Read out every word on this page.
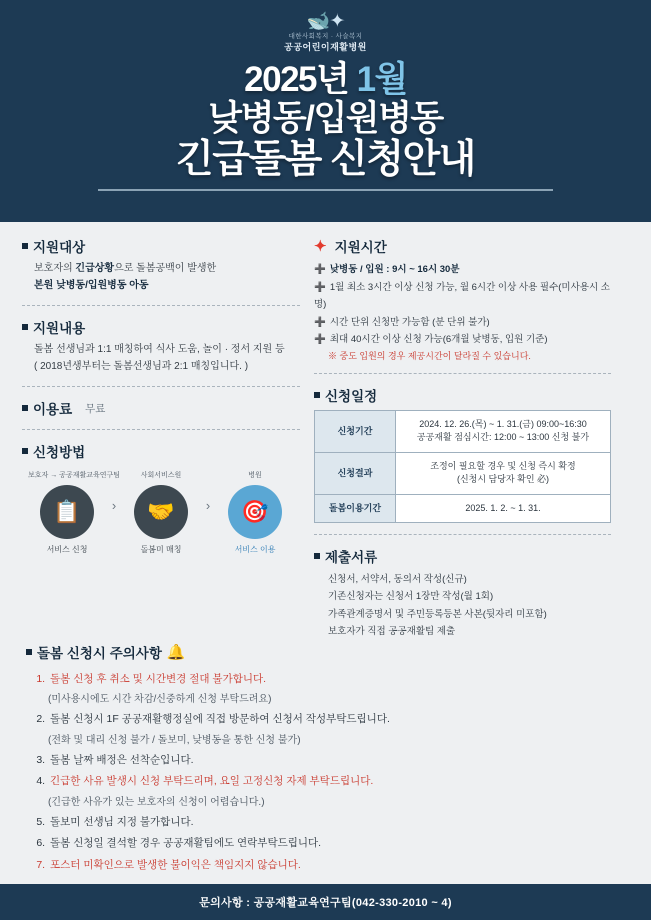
🐋✦
대한사회복지 · 사슬복지
공공어린이재활병원
2025년 1월
낮병동/입원병동
긴급돌봄 신청안내
지원대상
보호자의 긴급상황으로 돌봄공백이 발생한
본원 낮병동/입원병동 아동
지원내용
돌봄 선생님과 1:1 매칭하여 식사 도움, 놀이 · 정서 지원 등
( 2018년생부터는 돌봄선생님과 2:1 매칭입니다. )
이용료 무료
신청방법
보호자 → 공공재활교육연구팀
📋
서비스 신청
›
사회서비스원
🤝
돌봄미 매칭
›
병원
🎯
서비스 이용
✦ 지원시간
➕ 낮병동 / 입원 : 9시 ~ 16시 30분
➕ 1월 최소 3시간 이상 신청 가능, 월 6시간 이상 사용 필수(미사용시 소명)
➕ 시간 단위 신청만 가능함 (분 단위 불가)
➕ 최대 40시간 이상 신청 가능(6개월 낮병동, 입원 기준)
※ 중도 입원의 경우 제공시간이 달라질 수 있습니다.
신청일정
신청기간	2024. 12. 26.(목) ~ 1. 31.(금) 09:00~16:30
공공재활 점심시간: 12:00 ~ 13:00 신청 불가

신청결과	조정이 필요할 경우 및 신청 즉시 확정
(신청시 담당자 확인 必)

돌봄이용기간	2025. 1. 2. ~ 1. 31.
제출서류
신청서, 서약서, 동의서 작성(신규)
기존신청자는 신청서 1장만 작성(월 1회)
가족관계증명서 및 주민등록등본 사본(뒷자리 미포함)
보호자가 직접 공공재활팀 제출
돌봄 신청시 주의사항 🔔
1. 돌봄 신청 후 취소 및 시간변경 절대 불가합니다.
(미사용시에도 시간 차감/신중하게 신청 부탁드려요)
2. 돌봄 신청시 1F 공공재활행정실에 직접 방문하여 신청서 작성부탁드립니다.
(전화 및 대리 신청 불가 / 돌보미, 낮병동을 통한 신청 불가)
3. 돌봄 날짜 배정은 선착순입니다.
4. 긴급한 사유 발생시 신청 부탁드리며, 요일 고정신청 자제 부탁드립니다.
(긴급한 사유가 있는 보호자의 신청이 어렵습니다.)
5. 돌보미 선생님 지정 불가합니다.
6. 돌봄 신청일 결석할 경우 공공재활팀에도 연락부탁드립니다.
7. 포스터 미확인으로 발생한 불이익은 책임지지 않습니다.
문의사항 : 공공재활교육연구팀(042-330-2010 ~ 4)
